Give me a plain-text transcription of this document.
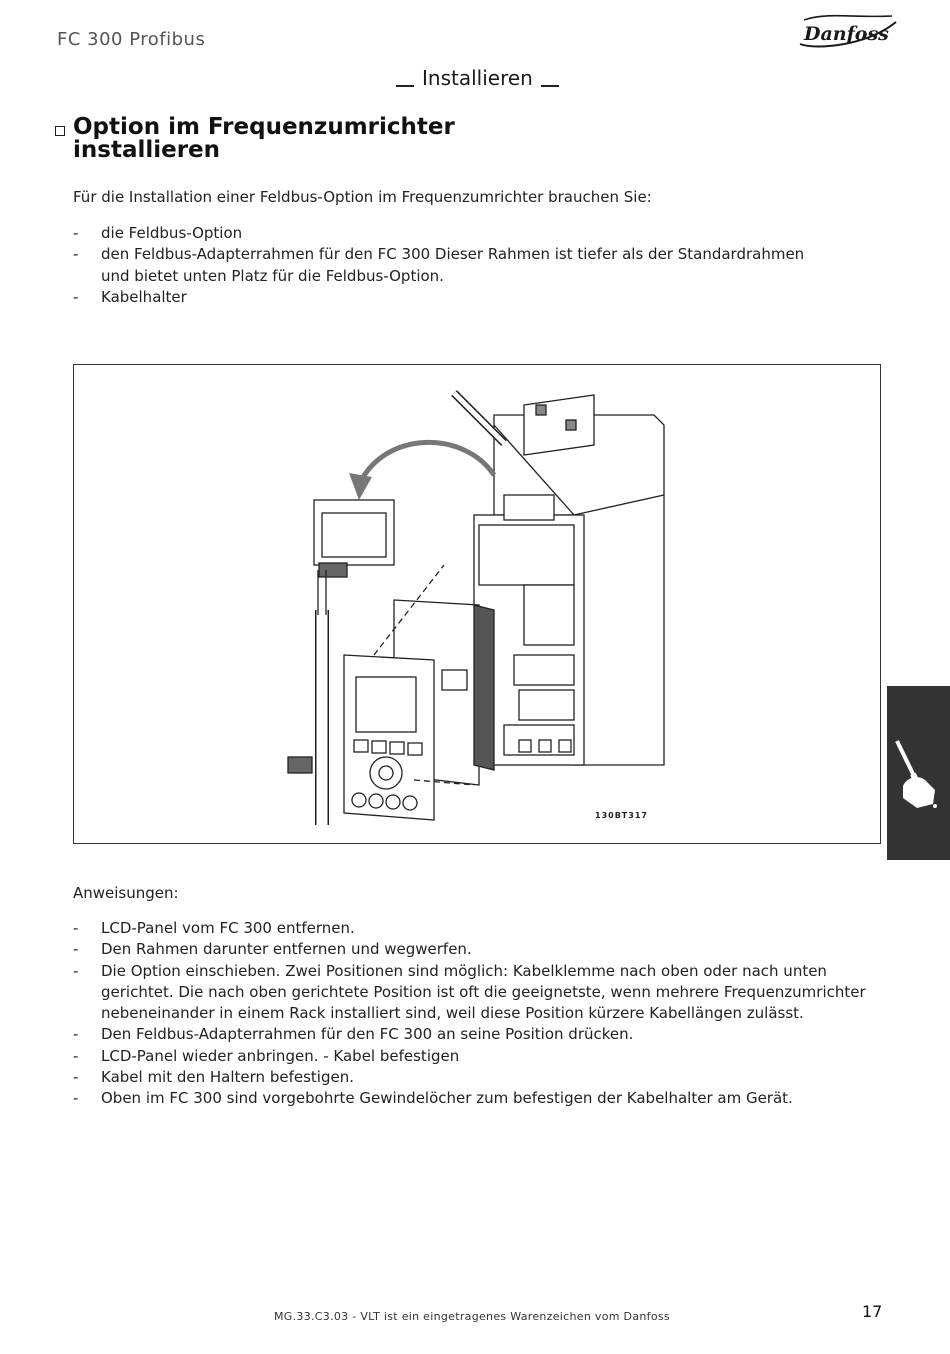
FC 300 Profibus	Danfoss
Installieren
Option im Frequenzumrichter
installieren
Für die Installation einer Feldbus-Option im Frequenzumrichter brauchen Sie:
- die Feldbus-Option
- den Feldbus-Adapterrahmen für den FC 300 Dieser Rahmen ist tiefer als der Standardrahmen und bietet unten Platz für die Feldbus-Option.
- Kabelhalter
130BT317
Anweisungen:
- LCD-Panel vom FC 300 entfernen.
- Den Rahmen darunter entfernen und wegwerfen.
- Die Option einschieben. Zwei Positionen sind möglich: Kabelklemme nach oben oder nach unten gerichtet. Die nach oben gerichtete Position ist oft die geeignetste, wenn mehrere Frequenzumrichter nebeneinander in einem Rack installiert sind, weil diese Position kürzere Kabellängen zulässt.
- Den Feldbus-Adapterrahmen für den FC 300 an seine Position drücken.
- LCD-Panel wieder anbringen. - Kabel befestigen
- Kabel mit den Haltern befestigen.
- Oben im FC 300 sind vorgebohrte Gewindelöcher zum befestigen der Kabelhalter am Gerät.
MG.33.C3.03 - VLT ist ein eingetragenes Warenzeichen vom Danfoss	17
